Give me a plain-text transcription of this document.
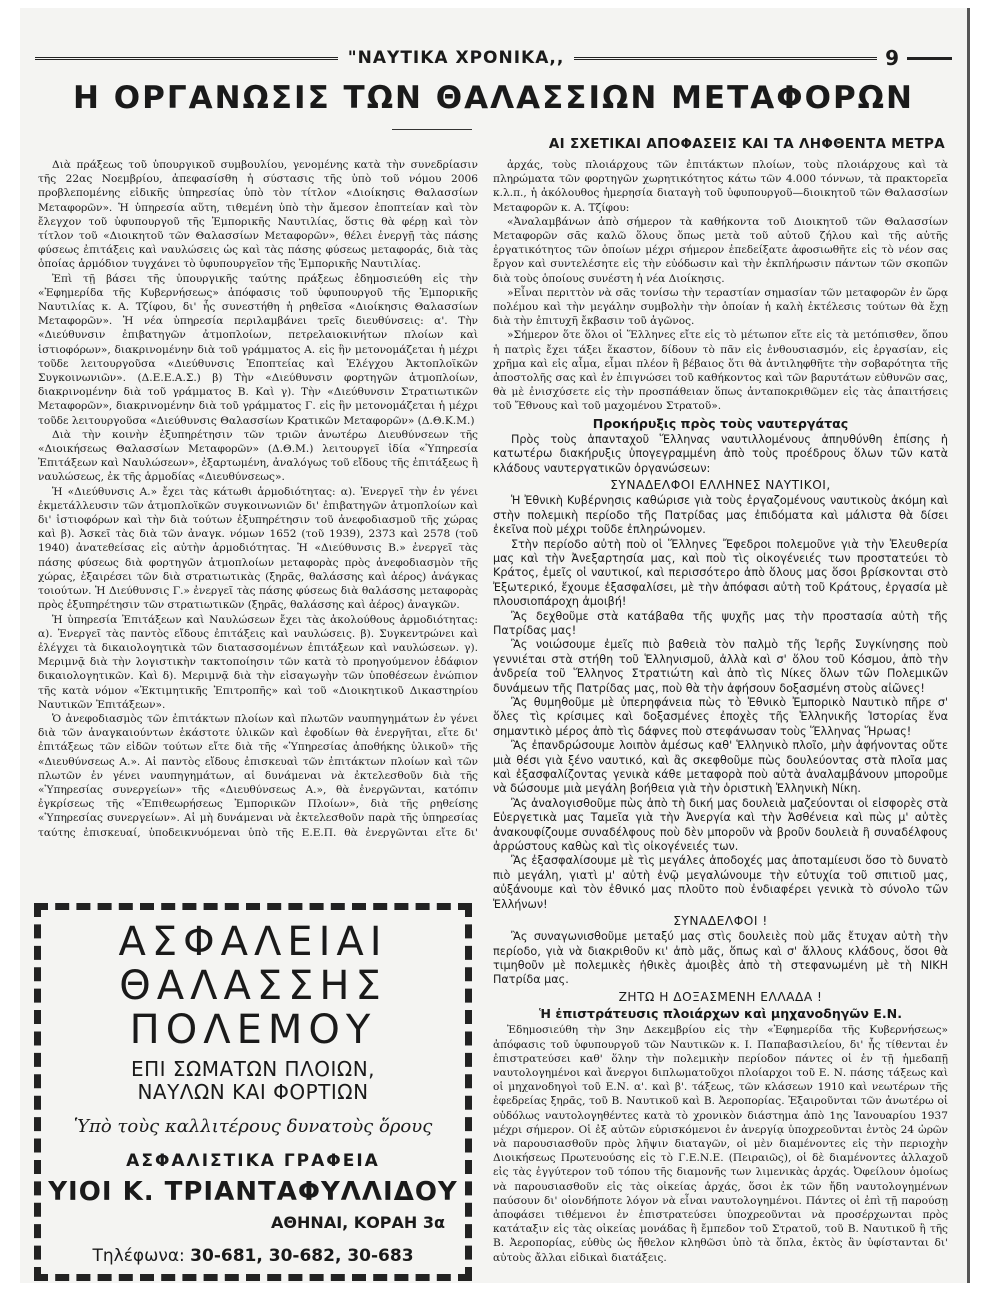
"ΝΑΥΤΙΚΑ ΧΡΟΝΙΚΑ,,	9
Η ΟΡΓΑΝΩΣΙΣ ΤΩΝ ΘΑΛΑΣΣΙΩΝ ΜΕΤΑΦΟΡΩΝ
ΑΙ ΣΧΕΤΙΚΑΙ ΑΠΟΦΑΣΕΙΣ ΚΑΙ ΤΑ ΛΗΦΘΕΝΤΑ ΜΕΤΡΑ

Διὰ πράξεως τοῦ ὑπουργικοῦ συμβουλίου, γενομένης κατὰ τὴν συνεδρίασιν τῆς 22ας Νοεμβρίου, ἀπεφασίσθη ἡ σύστασις τῆς ὑπὸ τοῦ νόμου 2006 προβλεπομένης εἰδικῆς ὑπηρεσίας ὑπὸ τὸν τίτλον «Διοίκησις Θαλασσίων Μεταφορῶν». Ἡ ὑπηρεσία αὕτη, τιθεμένη ὑπὸ τὴν ἄμεσον ἐποπτείαν καὶ τὸν ἔλεγχον τοῦ ὑφυπουργοῦ τῆς Ἐμπορικῆς Ναυτιλίας, ὅστις θὰ φέρῃ καὶ τὸν τίτλον τοῦ «Διοικητοῦ τῶν Θαλασσίων Μεταφορῶν», θέλει ἐνεργῇ τὰς πάσης φύσεως ἐπιτάξεις καὶ ναυλώσεις ὡς καὶ τὰς πάσης φύσεως μεταφοράς, διὰ τὰς ὁποίας ἁρμόδιον τυγχάνει τὸ ὑφυπουργεῖον τῆς Ἐμπορικῆς Ναυτιλίας.

Ἐπὶ τῇ βάσει τῆς ὑπουργικῆς ταύτης πράξεως ἐδημοσιεύθη εἰς τὴν «Ἐφημερίδα τῆς Κυβερνήσεως» ἀπόφασις τοῦ ὑφυπουργοῦ τῆς Ἐμπορικῆς Ναυτιλίας κ. Α. Τζίφου, δι' ἧς συνεστήθη ἡ ρηθεῖσα «Διοίκησις Θαλασσίων Μεταφορῶν». Ἡ νέα ὑπηρεσία περιλαμβάνει τρεῖς διευθύνσεις: α'. Τὴν «Διεύθυνσιν ἐπιβατηγῶν ἀτμοπλοίων, πετρελαιοκινήτων πλοίων καὶ ἱστιοφόρων», διακρινομένην διὰ τοῦ γράμματος Α. εἰς ἣν μετονομάζεται ἡ μέχρι τοῦδε λειτουργοῦσα «Διεύθυνσις Ἐποπτείας καὶ Ἐλέγχου Ἀκτοπλοϊκῶν Συγκοινωνιῶν». (Δ.Ε.Ε.Α.Σ.) β) Τὴν «Διεύθυνσιν φορτηγῶν ἀτμοπλοίων, διακρινομένην διὰ τοῦ γράμματος Β. Καὶ γ). Τὴν «Διεύθυνσιν Στρατιωτικῶν Μεταφορῶν», διακρινομένην διὰ τοῦ γράμματος Γ. εἰς ἣν μετονομάζεται ἡ μέχρι τοῦδε λειτουργοῦσα «Διεύθυνσις Θαλασσίων Κρατικῶν Μεταφορῶν» (Δ.Θ.Κ.Μ.)

Διὰ τὴν κοινὴν ἐξυπηρέτησιν τῶν τριῶν ἀνωτέρω Διευθύνσεων τῆς «Διοικήσεως Θαλασσίων Μεταφορῶν» (Δ.Θ.Μ.) λειτουργεῖ ἰδία «Ὑπηρεσία Ἐπιτάξεων καὶ Ναυλώσεων», ἐξαρτωμένη, ἀναλόγως τοῦ εἴδους τῆς ἐπιτάξεως ἢ ναυλώσεως, ἐκ τῆς ἁρμοδίας «Διευθύνσεως».

Ἡ «Διεύθυνσις Α.» ἔχει τὰς κάτωθι ἁρμοδιότητας: α). Ἐνεργεῖ τὴν ἐν γένει ἐκμετάλλευσιν τῶν ἀτμοπλοϊκῶν συγκοινωνιῶν δι' ἐπιβατηγῶν ἀτμοπλοίων καὶ δι' ἱστιοφόρων καὶ τὴν διὰ τούτων ἐξυπηρέτησιν τοῦ ἀνεφοδιασμοῦ τῆς χώρας καὶ β). Ἀσκεῖ τὰς διὰ τῶν ἀναγκ. νόμων 1652 (τοῦ 1939), 2373 καὶ 2578 (τοῦ 1940) ἀνατεθείσας εἰς αὐτὴν ἁρμοδιότητας. Ἡ «Διεύθυνσις Β.» ἐνεργεῖ τὰς πάσης φύσεως διὰ φορτηγῶν ἀτμοπλοίων μεταφορὰς πρὸς ἀνεφοδιασμὸν τῆς χώρας, ἐξαιρέσει τῶν διὰ στρατιωτικὰς (ξηρᾶς, θαλάσσης καὶ ἀέρος) ἀνάγκας τοιούτων. Ἡ Διεύθυνσις Γ.» ἐνεργεῖ τὰς πάσης φύσεως διὰ θαλάσσης μεταφορὰς πρὸς ἐξυπηρέτησιν τῶν στρατιωτικῶν (ξηρᾶς, θαλάσσης καὶ ἀέρος) ἀναγκῶν.

Ἡ ὑπηρεσία Ἐπιτάξεων καὶ Ναυλώσεων ἔχει τὰς ἀκολούθους ἁρμοδιότητας: α). Ἐνεργεῖ τὰς παντὸς εἴδους ἐπιτάξεις καὶ ναυλώσεις. β). Συγκεντρώνει καὶ ἐλέγχει τὰ δικαιολογητικὰ τῶν διατασσομένων ἐπιτάξεων καὶ ναυλώσεων. γ). Μεριμνᾷ διὰ τὴν λογιστικὴν τακτοποίησιν τῶν κατὰ τὸ προηγούμενον ἐδάφιον δικαιολογητικῶν. Καὶ δ). Μεριμνᾷ διὰ τὴν εἰσαγωγὴν τῶν ὑποθέσεων ἐνώπιον τῆς κατὰ νόμον «Ἐκτιμητικῆς Ἐπιτροπῆς» καὶ τοῦ «Διοικητικοῦ Δικαστηρίου Ναυτικῶν Ἐπιτάξεων».

Ὁ ἀνεφοδιασμὸς τῶν ἐπιτάκτων πλοίων καὶ πλωτῶν ναυπηγημάτων ἐν γένει διὰ τῶν ἀναγκαιούντων ἑκάστοτε ὑλικῶν καὶ ἐφοδίων θὰ ἐνεργῆται, εἴτε δι' ἐπιτάξεως τῶν εἰδῶν τούτων εἴτε διὰ τῆς «Ὑπηρεσίας ἀποθήκης ὑλικοῦ» τῆς «Διευθύνσεως Α.». Αἱ παντὸς εἴδους ἐπισκευαὶ τῶν ἐπιτάκτων πλοίων καὶ τῶν πλωτῶν ἐν γένει ναυπηγημάτων, αἱ δυνάμεναι νὰ ἐκτελεσθοῦν διὰ τῆς «Ὑπηρεσίας συνεργείων» τῆς «Διευθύνσεως Α.», θὰ ἐνεργῶνται, κατόπιν ἐγκρίσεως τῆς «Ἐπιθεωρήσεως Ἐμπορικῶν Πλοίων», διὰ τῆς ρηθείσης «Ὑπηρεσίας συνεργείων». Αἱ μὴ δυνάμεναι νὰ ἐκτελεσθοῦν παρὰ τῆς ὑπηρεσίας ταύτης ἐπισκευαί, ὑποδεικνυόμεναι ὑπὸ τῆς Ε.Ε.Π. θὰ ἐνεργῶνται εἴτε δι'

ἀρχάς, τοὺς πλοιάρχους τῶν ἐπιτάκτων πλοίων, τοὺς πλοιάρχους καὶ τὰ πληρώματα τῶν φορτηγῶν χωρητικότητος κάτω τῶν 4.000 τόννων, τὰ πρακτορεῖα κ.λ.π., ἡ ἀκόλουθος ἡμερησία διαταγὴ τοῦ ὑφυπουργοῦ—διοικητοῦ τῶν Θαλασσίων Μεταφορῶν κ. Α. Τζίφου:

«Ἀναλαμβάνων ἀπὸ σήμερον τὰ καθήκοντα τοῦ Διοικητοῦ τῶν Θαλασσίων Μεταφορῶν σᾶς καλῶ ὅλους ὅπως μετὰ τοῦ αὐτοῦ ζήλου καὶ τῆς αὐτῆς ἐργατικότητος τῶν ὁποίων μέχρι σήμερον ἐπεδείξατε ἀφοσιωθῆτε εἰς τὸ νέον σας ἔργον καὶ συντελέσητε εἰς τὴν εὐόδωσιν καὶ τὴν ἐκπλήρωσιν πάντων τῶν σκοπῶν διὰ τοὺς ὁποίους συνέστη ἡ νέα Διοίκησις.

»Εἶναι περιττὸν νὰ σᾶς τονίσω τὴν τεραστίαν σημασίαν τῶν μεταφορῶν ἐν ὥρᾳ πολέμου καὶ τὴν μεγάλην συμβολὴν τὴν ὁποίαν ἡ καλὴ ἐκτέλεσις τούτων θὰ ἔχῃ διὰ τὴν ἐπιτυχῆ ἔκβασιν τοῦ ἀγῶνος.

»Σήμερον ὅτε ὅλοι οἱ Ἕλληνες εἴτε εἰς τὸ μέτωπον εἴτε εἰς τὰ μετόπισθεν, ὅπου ἡ πατρὶς ἔχει τάξει ἕκαστον, δίδουν τὸ πᾶν εἰς ἐνθουσιασμόν, εἰς ἐργασίαν, εἰς χρῆμα καὶ εἰς αἷμα, εἶμαι πλέον ἢ βέβαιος ὅτι θὰ ἀντιληφθῆτε τὴν σοβαρότητα τῆς ἀποστολῆς σας καὶ ἐν ἐπιγνώσει τοῦ καθήκοντος καὶ τῶν βαρυτάτων εὐθυνῶν σας, θὰ μὲ ἐνισχύσετε εἰς τὴν προσπάθειαν ὅπως ἀνταποκριθῶμεν εἰς τὰς ἀπαιτήσεις τοῦ Ἔθνους καὶ τοῦ μαχομένου Στρατοῦ».

Προκήρυξις πρὸς τοὺς ναυτεργάτας

Πρὸς τοὺς ἁπανταχοῦ Ἕλληνας ναυτιλλομένους ἀπηυθύνθη ἐπίσης ἡ κατωτέρω διακήρυξις ὑπογεγραμμένη ἀπὸ τοὺς προέδρους ὅλων τῶν κατὰ κλάδους ναυτεργατικῶν ὀργανώσεων:

ΣΥΝΑΔΕΛΦΟΙ ΕΛΛΗΝΕΣ ΝΑΥΤΙΚΟΙ,

Ἡ Ἐθνικὴ Κυβέρνησις καθώρισε γιὰ τοὺς ἐργαζομένους ναυτικοὺς ἀκόμη καὶ στὴν πολεμικὴ περίοδο τῆς Πατρίδας μας ἐπιδόματα καὶ μάλιστα θὰ δίσει ἐκεῖνα ποὺ μέχρι τοῦδε ἐπληρώνομεν.

Στὴν περίοδο αὐτὴ ποὺ οἱ Ἕλληνες Ἔφεδροι πολεμοῦνε γιὰ τὴν Ἐλευθερία μας καὶ τὴν Ἀνεξαρτησία μας, καὶ ποὺ τὶς οἰκογένειές των προστατεύει τὸ Κράτος, ἐμεῖς οἱ ναυτικοί, καὶ περισσότερο ἀπὸ ὅλους μας ὅσοι βρίσκονται στὸ Ἐξωτερικό, ἔχουμε ἐξασφαλίσει, μὲ τὴν ἀπόφασι αὐτὴ τοῦ Κράτους, ἐργασία μὲ πλουσιοπάροχη ἀμοιβή!

Ἂς δεχθοῦμε στὰ κατάβαθα τῆς ψυχῆς μας τὴν προστασία αὐτὴ τῆς Πατρίδας μας!

Ἂς νοιώσουμε ἐμεῖς πιὸ βαθειὰ τὸν παλμὸ τῆς Ἱερῆς Συγκίνησης ποὺ γεννιέται στὰ στήθη τοῦ Ἑλληνισμοῦ, ἀλλὰ καὶ σ' ὅλου τοῦ Κόσμου, ἀπὸ τὴν ἀνδρεία τοῦ Ἕλληνος Στρατιώτη καὶ ἀπὸ τὶς Νίκες ὅλων τῶν Πολεμικῶν δυνάμεων τῆς Πατρίδας μας, ποὺ θὰ τὴν ἀφήσουν δοξασμένη στοὺς αἰῶνες!

Ἂς θυμηθοῦμε μὲ ὑπερηφάνεια πὼς τὸ Ἐθνικὸ Ἐμπορικὸ Ναυτικὸ πῆρε σ' ὅλες τὶς κρίσιμες καὶ δοξασμένες ἐποχὲς τῆς Ἑλληνικῆς Ἱστορίας ἕνα σημαντικὸ μέρος ἀπὸ τὶς δάφνες ποὺ στεφάνωσαν τοὺς Ἕλληνας Ἥρωας!

Ἂς ἐπανδρώσουμε λοιπὸν ἀμέσως καθ' Ἑλληνικὸ πλοῖο, μὴν ἀφήνοντας οὔτε μιὰ θέσι γιὰ ξένο ναυτικό, καὶ ἂς σκεφθοῦμε πὼς δουλεύοντας στὰ πλοῖα μας καὶ ἐξασφαλίζοντας γενικὰ κάθε μεταφορὰ ποὺ αὐτὰ ἀναλαμβάνουν μποροῦμε νὰ δώσουμε μιὰ μεγάλη βοήθεια γιὰ τὴν ὁριστικὴ Ἑλληνικὴ Νίκη.

Ἂς ἀναλογισθοῦμε πὼς ἀπὸ τὴ δική μας δουλειὰ μαζεύονται οἱ εἰσφορὲς στὰ Εὐεργετικὰ μας Ταμεῖα γιὰ τὴν Ἀνεργία καὶ τὴν Ἀσθένεια καὶ πὼς μ' αὐτὲς ἀνακουφίζουμε συναδέλφους ποὺ δὲν μποροῦν νὰ βροῦν δουλειὰ ἢ συναδέλφους ἀρρώστους καθὼς καὶ τὶς οἰκογένειές των.

Ἂς ἐξασφαλίσουμε μὲ τὶς μεγάλες ἀποδοχές μας ἀποταμίευσι ὅσο τὸ δυνατὸ πιὸ μεγάλη, γιατὶ μ' αὐτὴ ἐνῷ μεγαλώνουμε τὴν εὐτυχία τοῦ σπιτιοῦ μας, αὐξάνουμε καὶ τὸν ἐθνικό μας πλοῦτο ποὺ ἐνδιαφέρει γενικὰ τὸ σύνολο τῶν Ἑλλήνων!

ΣΥΝΑΔΕΛΦΟΙ !

Ἂς συναγωνισθοῦμε μεταξύ μας στὶς δουλειὲς ποὺ μᾶς ἔτυχαν αὐτὴ τὴν περίοδο, γιὰ νὰ διακριθοῦν κι' ἀπὸ μᾶς, ὅπως καὶ σ' ἄλλους κλάδους, ὅσοι θὰ τιμηθοῦν μὲ πολεμικὲς ἠθικὲς ἀμοιβὲς ἀπὸ τὴ στεφανωμένη μὲ τὴ ΝΙΚΗ Πατρίδα μας.

ΖΗΤΩ Η ΔΟΞΑΣΜΕΝΗ ΕΛΛΑΔΑ !

Ἡ ἐπιστράτευσις πλοιάρχων καὶ μηχανοδηγῶν Ε.Ν.

Ἐδημοσιεύθη τὴν 3ην Δεκεμβρίου εἰς τὴν «Ἐφημερίδα τῆς Κυβερνήσεως» ἀπόφασις τοῦ ὑφυπουργοῦ τῶν Ναυτικῶν κ. Ι. Παπαβασιλείου, δι' ἧς τίθενται ἐν ἐπιστρατεύσει καθ' ὅλην τὴν πολεμικὴν περίοδον πάντες οἱ ἐν τῇ ἡμεδαπῇ ναυτολογημένοι καὶ ἄνεργοι διπλωματοῦχοι πλοίαρχοι τοῦ Ε. Ν. πάσης τάξεως καὶ οἱ μηχανοδηγοὶ τοῦ Ε.Ν. α'. καὶ β'. τάξεως, τῶν κλάσεων 1910 καὶ νεωτέρων τῆς ἐφεδρείας ξηρᾶς, τοῦ Β. Ναυτικοῦ καὶ Β. Ἀεροπορίας. Ἐξαιροῦνται τῶν ἀνωτέρω οἱ οὐδόλως ναυτολογηθέντες κατὰ τὸ χρονικὸν διάστημα ἀπὸ 1ης Ἰανουαρίου 1937 μέχρι σήμερον. Οἱ ἐξ αὐτῶν εὑρισκόμενοι ἐν ἀνεργίᾳ ὑποχρεοῦνται ἐντὸς 24 ὡρῶν νὰ παρουσιασθοῦν πρὸς λῆψιν διαταγῶν, οἱ μὲν διαμένοντες εἰς τὴν περιοχὴν Διοικήσεως Πρωτευούσης εἰς τὸ Γ.Ε.Ν.Ε. (Πειραιῶς), οἱ δὲ διαμένοντες ἀλλαχοῦ εἰς τὰς ἐγγύτερον τοῦ τόπου τῆς διαμονῆς των λιμενικὰς ἀρχάς. Ὀφείλουν ὁμοίως νὰ παρουσιασθοῦν εἰς τὰς οἰκείας ἀρχάς, ὅσοι ἐκ τῶν ἤδη ναυτολογημένων παύσουν δι' οἱονδήποτε λόγον νὰ εἶναι ναυτολογημένοι. Πάντες οἱ ἐπὶ τῇ παρούσῃ ἀποφάσει τιθέμενοι ἐν ἐπιστρατεύσει ὑποχρεοῦνται νὰ προσέρχωνται πρὸς κατάταξιν εἰς τὰς οἰκείας μονάδας ἢ ἔμπεδον τοῦ Στρατοῦ, τοῦ Β. Ναυτικοῦ ἢ τῆς Β. Ἀεροπορίας, εὐθὺς ὡς ἤθελον κληθῶσι ὑπὸ τὰ ὅπλα, ἐκτὸς ἂν ὑφίστανται δι' αὐτοὺς ἄλλαι εἰδικαὶ διατάξεις.

ΑΣΦΑΛΕΙΑΙ
ΘΑΛΑΣΣΗΣ ΠΟΛΕΜΟΥ
ΕΠΙ ΣΩΜΑΤΩΝ ΠΛΟΙΩΝ,
ΝΑΥΛΩΝ ΚΑΙ ΦΟΡΤΙΩΝ
Ὑπὸ τοὺς καλλιτέρους δυνατοὺς ὅρους
ΑΣΦΑΛΙΣΤΙΚΑ ΓΡΑΦΕΙΑ
ΥΙΟΙ Κ. ΤΡΙΑΝΤΑΦΥΛΛΙΔΟΥ
ΑΘΗΝΑΙ, ΚΟΡΑΗ 3α
Τηλέφωνα: 30-681, 30-682, 30-683
